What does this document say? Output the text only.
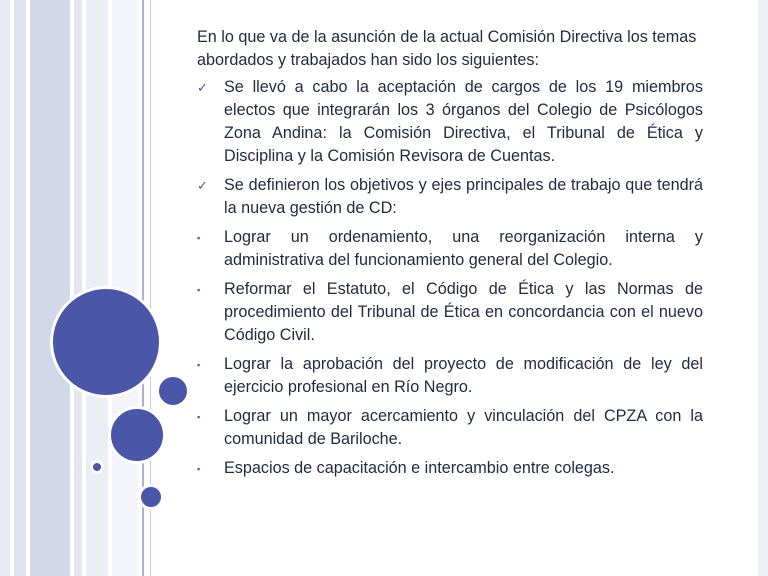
En lo que va de la asunción de la actual Comisión Directiva los temas abordados y trabajados han sido los siguientes:

✓ Se llevó a cabo la aceptación de cargos de los 19 miembros electos que integrarán los 3 órganos del Colegio de Psicólogos Zona Andina: la Comisión Directiva, el Tribunal de Ética y Disciplina y la Comisión Revisora de Cuentas.
✓ Se definieron los objetivos y ejes principales de trabajo que tendrá la nueva gestión de CD:
▪	Lograr un ordenamiento, una reorganización interna y administrativa del funcionamiento general del Colegio.
▪	Reformar el Estatuto, el Código de Ética y las Normas de procedimiento del Tribunal de Ética en concordancia con el nuevo Código Civil.
▪	Lograr la aprobación del proyecto de modificación de ley del ejercicio profesional en Río Negro.
▪	Lograr un mayor acercamiento y vinculación del CPZA con la comunidad de Bariloche.
▪	Espacios de capacitación e intercambio entre colegas.
